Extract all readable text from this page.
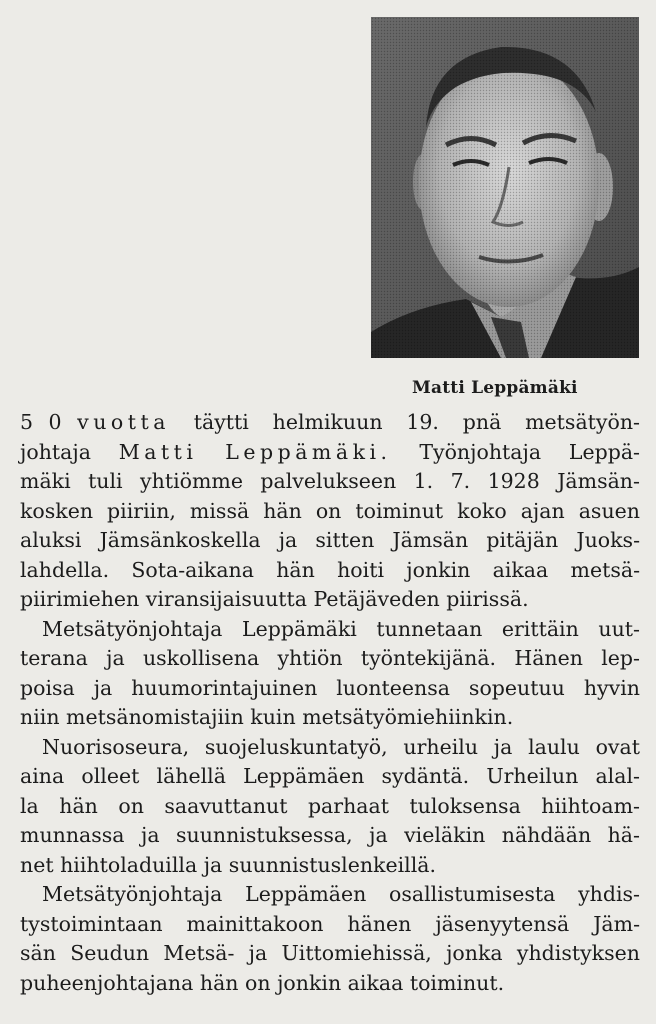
Matti Leppämäki
5 0 vuotta täytti helmikuun 19. pnä metsätyön-
johtaja Matti Leppämäki. Työnjohtaja Leppä-
mäki tuli yhtiömme palvelukseen 1. 7. 1928 Jämsän-
kosken piiriin, missä hän on toiminut koko ajan asuen
aluksi Jämsänkoskella ja sitten Jämsän pitäjän Juoks-
lahdella. Sota-aikana hän hoiti jonkin aikaa metsä-
piirimiehen viransijaisuutta Petäjäveden piirissä.
Metsätyönjohtaja Leppämäki tunnetaan erittäin uut-
terana ja uskollisena yhtiön työntekijänä. Hänen lep-
poisa ja huumorintajuinen luonteensa sopeutuu hyvin
niin metsänomistajiin kuin metsätyömiehiinkin.
Nuorisoseura, suojeluskuntatyö, urheilu ja laulu ovat
aina olleet lähellä Leppämäen sydäntä. Urheilun alal-
la hän on saavuttanut parhaat tuloksensa hiihtoam-
munnassa ja suunnistuksessa, ja vieläkin nähdään hä-
net hiihtoladuilla ja suunnistuslenkeillä.
Metsätyönjohtaja Leppämäen osallistumisesta yhdis-
tystoimintaan mainittakoon hänen jäsenyytensä Jäm-
sän Seudun Metsä- ja Uittomiehissä, jonka yhdistyksen
puheenjohtajana hän on jonkin aikaa toiminut.
